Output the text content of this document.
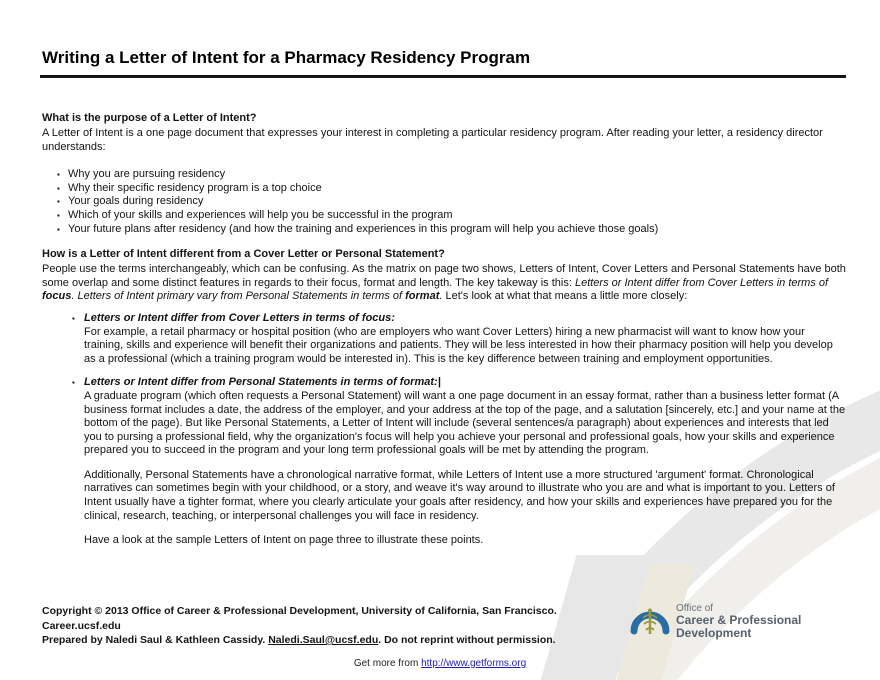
Writing a Letter of Intent for a Pharmacy Residency Program
What is the purpose of a Letter of Intent?

A Letter of Intent is a one page document that expresses your interest in completing a particular residency program. After reading your letter, a residency director understands:

▪ Why you are pursuing residency
▪ Why their specific residency program is a top choice
▪ Your goals during residency
▪ Which of your skills and experiences will help you be successful in the program
▪ Your future plans after residency (and how the training and experiences in this program will help you achieve those goals)
How is a Letter of Intent different from a Cover Letter or Personal Statement?

People use the terms interchangeably, which can be confusing. As the matrix on page two shows, Letters of Intent, Cover Letters and Personal Statements have both some overlap and some distinct features in regards to their focus, format and length. The key takeway is this: Letters or Intent differ from Cover Letters in terms of focus. Letters of Intent primary vary from Personal Statements in terms of format. Let's look at what that means a little more closely:

▪ Letters or Intent differ from Cover Letters in terms of focus:
For example, a retail pharmacy or hospital position (who are employers who want Cover Letters) hiring a new pharmacist will want to know how your training, skills and experience will benefit their organizations and patients. They will be less interested in how their pharmacy position will help you develop as a professional (which a training program would be interested in). This is the key difference between training and employment opportunities.
▪ Letters or Intent differ from Personal Statements in terms of format:|
A graduate program (which often requests a Personal Statement) will want a one page document in an essay format, rather than a business letter format (A business format includes a date, the address of the employer, and your address at the top of the page, and a salutation [sincerely, etc.] and your name at the bottom of the page). But like Personal Statements, a Letter of Intent will include (several sentences/a paragraph) about experiences and interests that led you to pursing a professional field, why the organization's focus will help you achieve your personal and professional goals, how your skills and experience prepared you to succeed in the program and your long term professional goals will be met by attending the program.

Additionally, Personal Statements have a chronological narrative format, while Letters of Intent use a more structured 'argument' format. Chronological narratives can sometimes begin with your childhood, or a story, and weave it's way around to illustrate who you are and what is important to you. Letters of Intent usually have a tighter format, where you clearly articulate your goals after residency, and how your skills and experiences have prepared you for the clinical, research, teaching, or interpersonal challenges you will face in residency.

Have a look at the sample Letters of Intent on page three to illustrate these points.

Copyright © 2013 Office of Career & Professional Development, University of California, San Francisco. Career.ucsf.edu
Prepared by Naledi Saul & Kathleen Cassidy. Naledi.Saul@ucsf.edu. Do not reprint without permission.
Office of
Career & Professional Development
Get more from http://www.getforms.org
